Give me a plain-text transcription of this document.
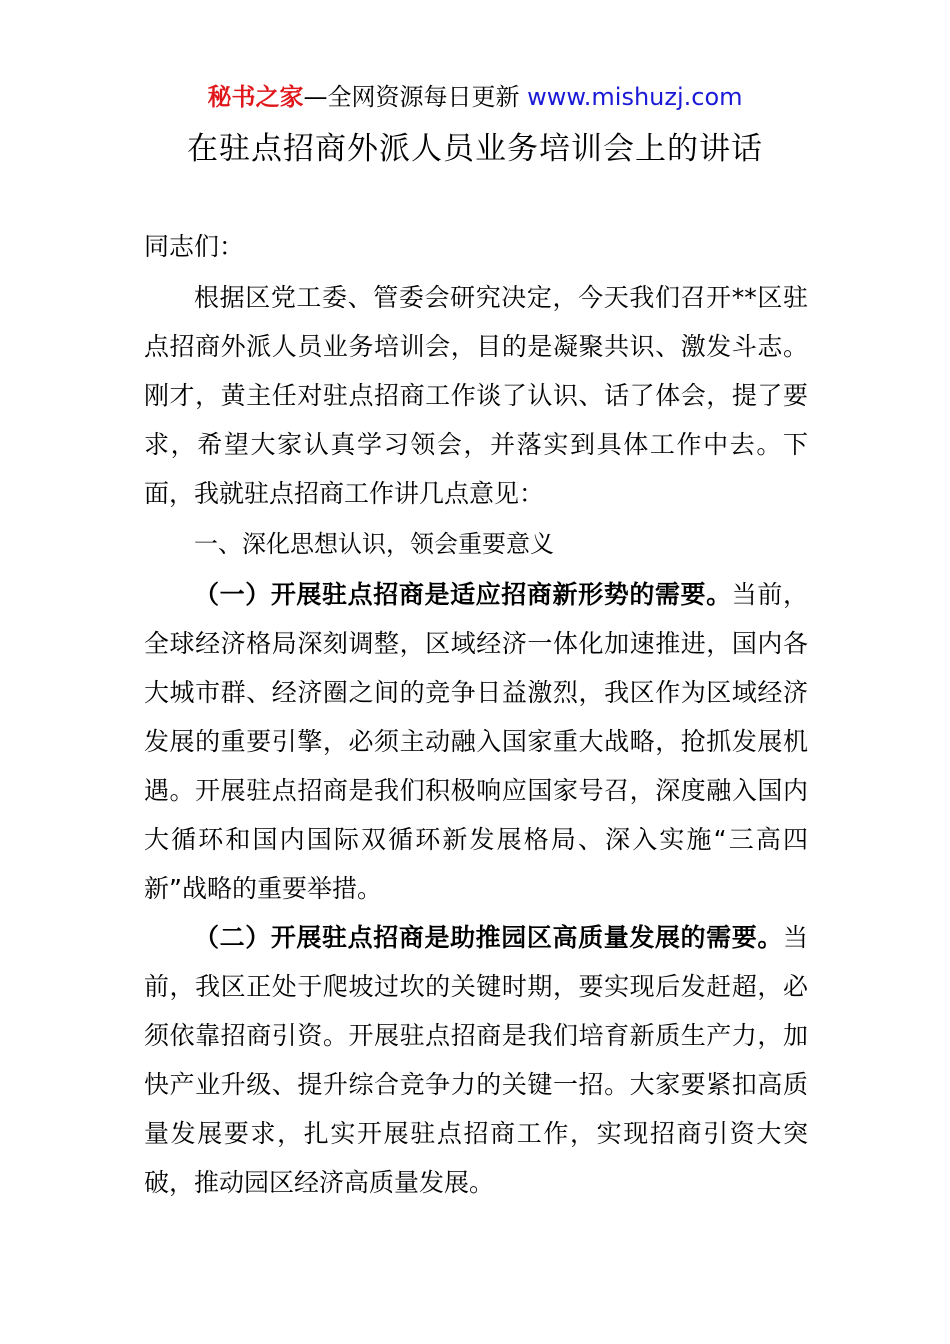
秘书之家—全网资源每日更新 www.mishuzj.com
在驻点招商外派人员业务培训会上的讲话

同志们：

根据区党工委、管委会研究决定，今天我们召开**区驻点招商外派人员业务培训会，目的是凝聚共识、激发斗志。刚才，黄主任对驻点招商工作谈了认识、话了体会，提了要求，希望大家认真学习领会，并落实到具体工作中去。下面，我就驻点招商工作讲几点意见：

一、深化思想认识，领会重要意义

（一）开展驻点招商是适应招商新形势的需要。当前，全球经济格局深刻调整，区域经济一体化加速推进，国内各大城市群、经济圈之间的竞争日益激烈，我区作为区域经济发展的重要引擎，必须主动融入国家重大战略，抢抓发展机遇。开展驻点招商是我们积极响应国家号召，深度融入国内大循环和国内国际双循环新发展格局、深入实施“三高四新”战略的重要举措。

（二）开展驻点招商是助推园区高质量发展的需要。当前，我区正处于爬坡过坎的关键时期，要实现后发赶超，必须依靠招商引资。开展驻点招商是我们培育新质生产力，加快产业升级、提升综合竞争力的关键一招。大家要紧扣高质量发展要求，扎实开展驻点招商工作，实现招商引资大突破，推动园区经济高质量发展。
